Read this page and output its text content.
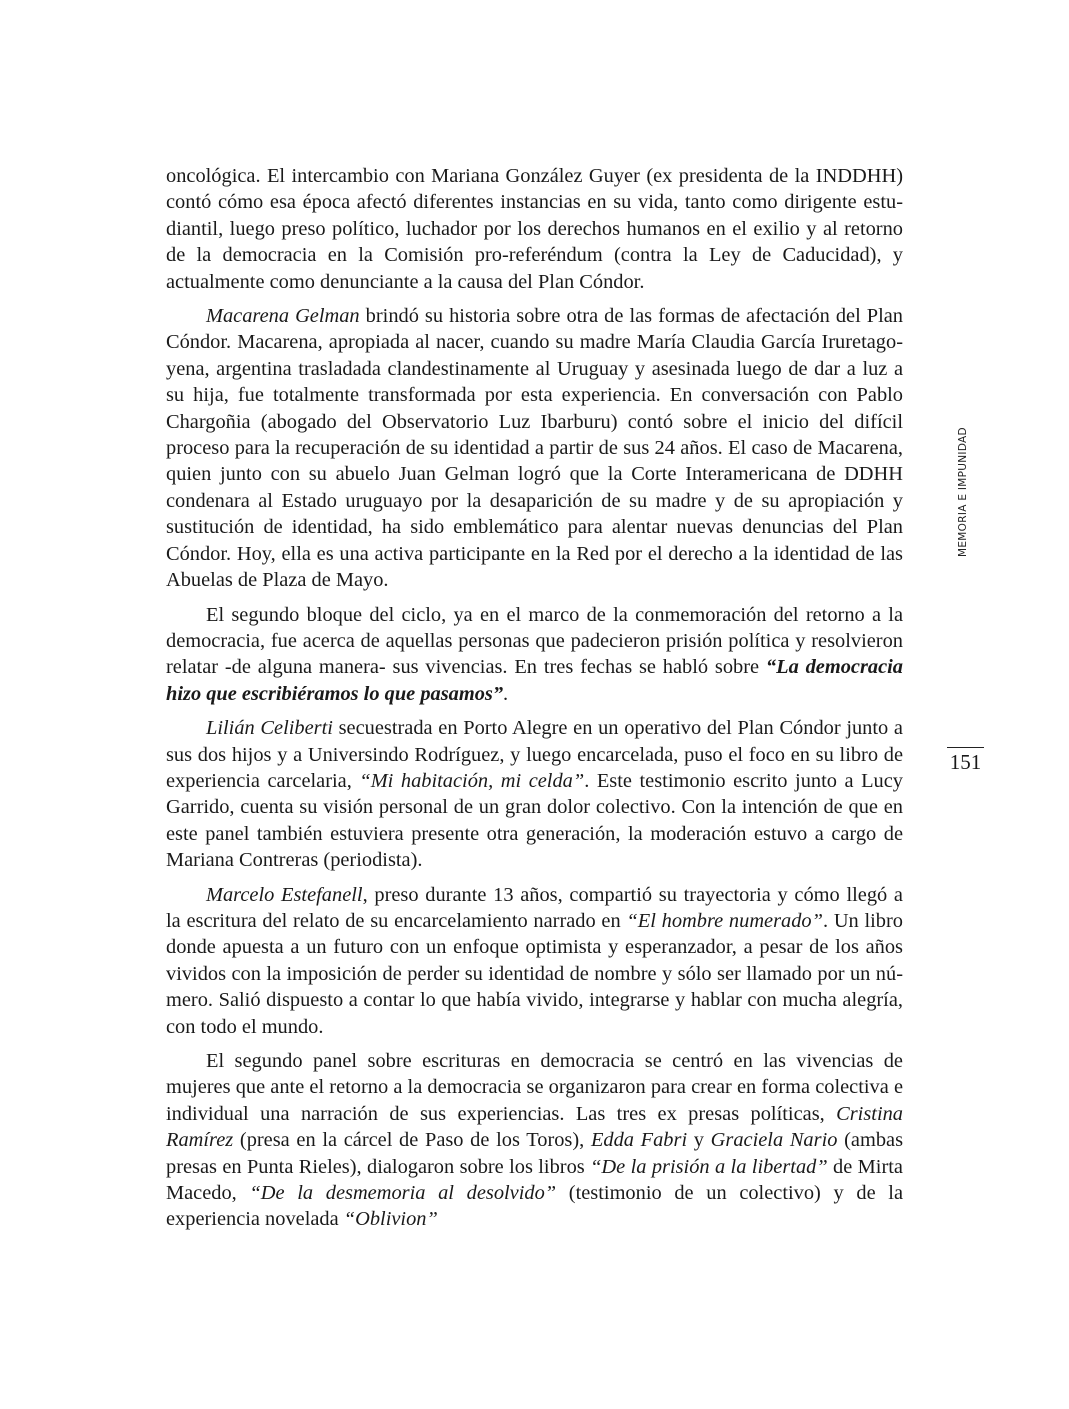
oncológica. El intercambio con Mariana González Guyer (ex presidenta de la INDDHH) contó cómo esa época afectó diferentes instancias en su vida, tanto como dirigente estudiantil, luego preso político, luchador por los derechos humanos en el exilio y al retorno de la democracia en la Comisión pro-referéndum (contra la Ley de Caducidad), y actualmente como denunciante a la causa del Plan Cóndor.

Macarena Gelman brindó su historia sobre otra de las formas de afectación del Plan Cóndor. Macarena, apropiada al nacer, cuando su madre María Claudia García Iruretagoyena, argentina trasladada clandestinamente al Uruguay y asesinada luego de dar a luz a su hija, fue totalmente transformada por esta experiencia. En conversación con Pablo Chargoñia (abogado del Observatorio Luz Ibarburu) contó sobre el inicio del difícil proceso para la recuperación de su identidad a partir de sus 24 años. El caso de Macarena, quien junto con su abuelo Juan Gelman logró que la Corte Interamericana de DDHH condenara al Estado uruguayo por la desaparición de su madre y de su apropiación y sustitución de identidad, ha sido emblemático para alentar nuevas denuncias del Plan Cóndor. Hoy, ella es una activa participante en la Red por el derecho a la identidad de las Abuelas de Plaza de Mayo.

El segundo bloque del ciclo, ya en el marco de la conmemoración del retorno a la democracia, fue acerca de aquellas personas que padecieron prisión política y resolvieron relatar -de alguna manera- sus vivencias. En tres fechas se habló sobre “La democracia hizo que escribiéramos lo que pasamos”.

Lilián Celiberti secuestrada en Porto Alegre en un operativo del Plan Cóndor junto a sus dos hijos y a Universindo Rodríguez, y luego encarcelada, puso el foco en su libro de experiencia carcelaria, “Mi habitación, mi celda”. Este testimonio escrito junto a Lucy Garrido, cuenta su visión personal de un gran dolor colectivo. Con la intención de que en este panel también estuviera presente otra generación, la moderación estuvo a cargo de Mariana Contreras (periodista).

Marcelo Estefanell, preso durante 13 años, compartió su trayectoria y cómo llegó a la escritura del relato de su encarcelamiento narrado en “El hombre numerado”. Un libro donde apuesta a un futuro con un enfoque optimista y esperanzador, a pesar de los años vividos con la imposición de perder su identidad de nombre y sólo ser llamado por un número. Salió dispuesto a contar lo que había vivido, integrarse y hablar con mucha alegría, con todo el mundo.

El segundo panel sobre escrituras en democracia se centró en las vivencias de mujeres que ante el retorno a la democracia se organizaron para crear en forma colectiva e individual una narración de sus experiencias. Las tres ex presas políticas, Cristina Ramírez (presa en la cárcel de Paso de los Toros), Edda Fabri y Graciela Nario (ambas presas en Punta Rieles), dialogaron sobre los libros “De la prisión a la libertad” de Mirta Macedo, “De la desmemoria al desolvido” (testimonio de un colectivo) y de la experiencia novelada “Oblivion”

MEMORIA E IMPUNIDAD
151
